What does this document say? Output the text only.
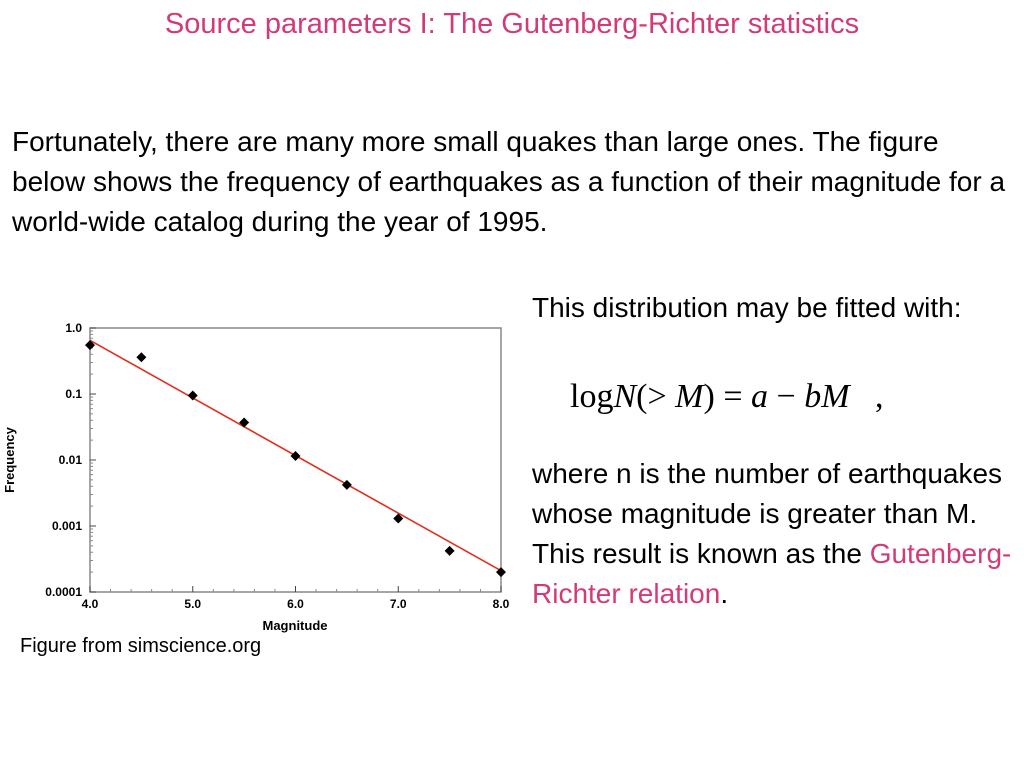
Source parameters I: The Gutenberg-Richter statistics
Fortunately, there are many more small quakes than large ones. The figure below shows the frequency of earthquakes as a function of their magnitude for a world-wide catalog during the year of 1995.
1.0
0.1
0.01
0.001
0.0001
4.0	5.0	6.0	7.0	8.0
Magnitude
Frequency
This distribution may be fitted with:
logN(> M) = a − bM ,
where n is the number of earthquakes whose magnitude is greater than M. This result is known as the Gutenberg-Richter relation.
Figure from simscience.org
